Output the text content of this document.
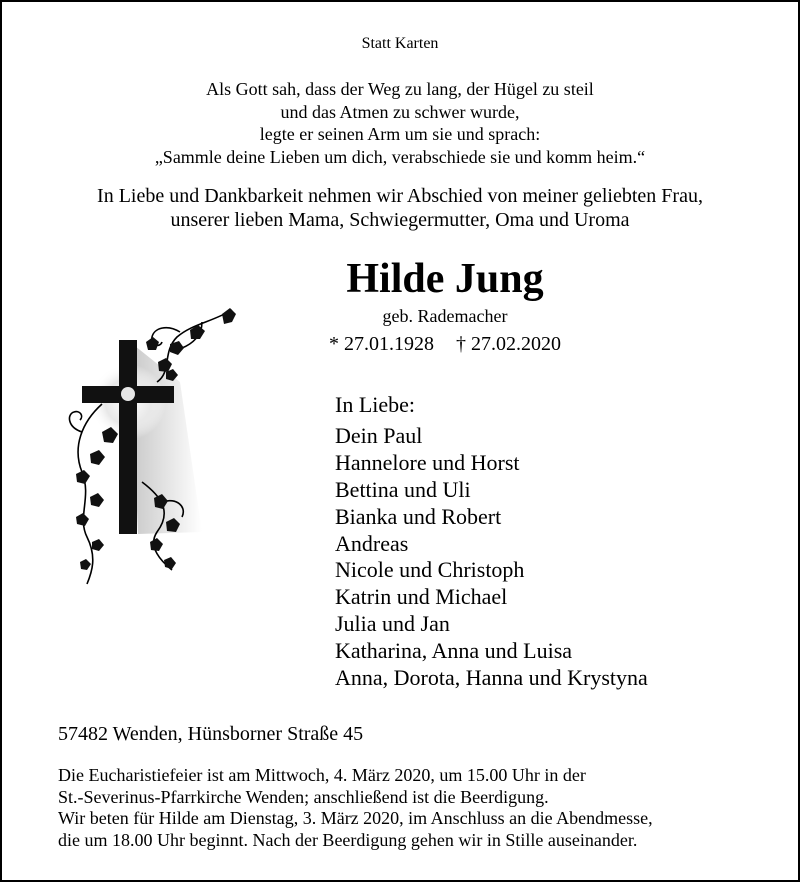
Statt Karten
Als Gott sah, dass der Weg zu lang, der Hügel zu steil
und das Atmen zu schwer wurde,
legte er seinen Arm um sie und sprach:
„Sammle deine Lieben um dich, verabschiede sie und komm heim.“
In Liebe und Dankbarkeit nehmen wir Abschied von meiner geliebten Frau,
unserer lieben Mama, Schwiegermutter, Oma und Uroma
Hilde Jung
geb. Rademacher
* 27.01.1928 † 27.02.2020
In Liebe:
Dein Paul
Hannelore und Horst
Bettina und Uli
Bianka und Robert
Andreas
Nicole und Christoph
Katrin und Michael
Julia und Jan
Katharina, Anna und Luisa
Anna, Dorota, Hanna und Krystyna
57482 Wenden, Hünsborner Straße 45
Die Eucharistiefeier ist am Mittwoch, 4. März 2020, um 15.00 Uhr in der
St.-Severinus-Pfarrkirche Wenden; anschließend ist die Beerdigung.
Wir beten für Hilde am Dienstag, 3. März 2020, im Anschluss an die Abendmesse,
die um 18.00 Uhr beginnt. Nach der Beerdigung gehen wir in Stille auseinander.
